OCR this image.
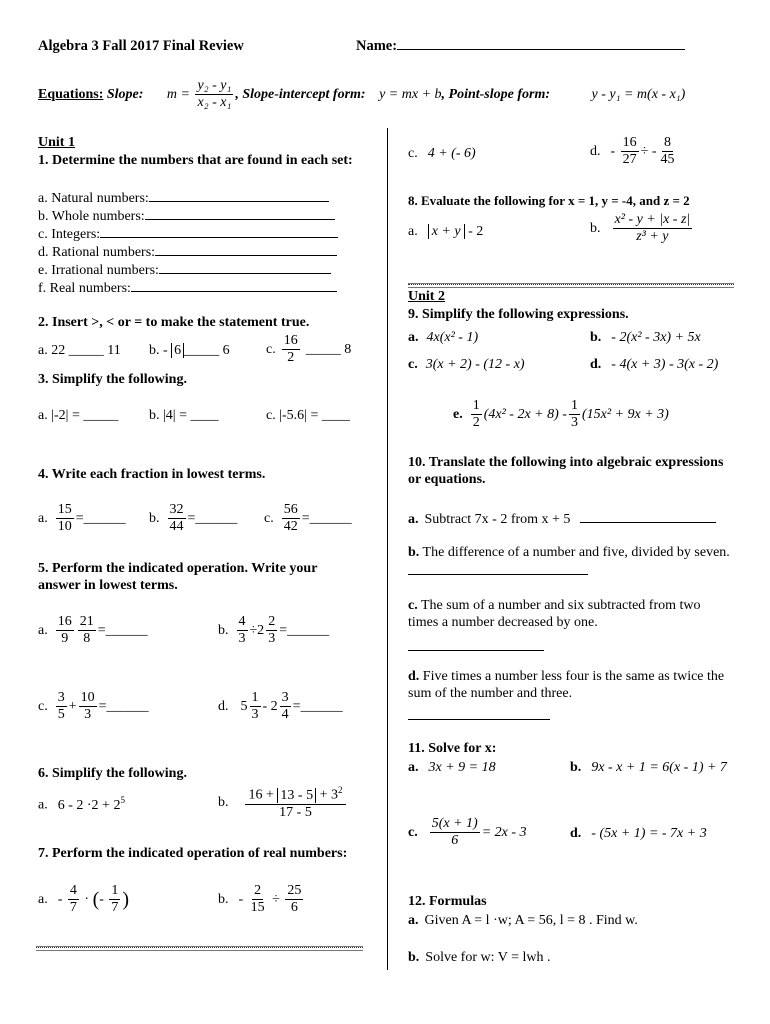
Algebra 3 Fall 2017 Final Review	Name:
Equations: Slope: $m = \frac{\text{y₂ - y₁}}{\text{x₂ - x₁}}$ , Slope-intercept form: y = mx + b, Point-slope form:	y - y₁ = m(x - x₁)
Unit 1
1. Determine the numbers that are found in each set:
a. Natural numbers:
b. Whole numbers:
c. Integers:
d. Rational numbers:
e. Irrational numbers:
f. Real numbers:
2. Insert >, < or = to make the statement true.
a. 22 _____ 11 b. - 6 _____ 6	c. $\frac{16}{2}$ _____ 8
3. Simplify the following.
a. |-2| = _____ b. |4| = ____	c. |-5.6| = ____
4. Write each fraction in lowest terms.
a. $\frac{15}{10}$ =______ b. $\frac{32}{44}$ =______ c. $\frac{56}{42}$ =______
5. Perform the indicated operation. Write your answer in lowest terms.
a. $\frac{16}{9} \frac{21}{8}$ =______	b. $\frac{4}{3} \div 2 \frac{2}{3}$ =______
c. $\frac{3}{5} + \frac{10}{3}$ =______	d. $5 \frac{1}{3} - 2 \frac{3}{4}$ =______
6. Simplify the following.
a. $6 - 2 \cdot 2 + 2^5$	b. $\frac{16 + 13 - 5 + 3^2}{17 - 5}$
7. Perform the indicated operation of real numbers:
a. - $\frac{4}{7}$ · (- $\frac{1}{7}$ )	b. - $\frac{2}{15} \div \frac{25}{6}$
c. 4 + (- 6)	d. - $\frac{16}{27}$ ÷ - $\frac{8}{45}$
8. Evaluate the following for x = 1, y = -4, and z = 2
a. x + y - 2	b. $\frac{\text{x² - y + |x - z|}}{\text{z³ + y}}$
Unit 2
9. Simplify the following expressions.
a. 4x(x² - 1)	b. - 2(x² - 3x) + 5x
c. 3(x + 2) - (12 - x)	d. - 4(x + 3) - 3(x - 2)
e. $\frac{1}{2} (4x^2 - 2x + 8) - \frac{1}{3} (15x^2 + 9x + 3)$
10. Translate the following into algebraic expressions or equations.
a. Subtract 7x - 2 from x + 5
b. The difference of a number and five, divided by seven.
c. The sum of a number and six subtracted from two times a number decreased by one.
d. Five times a number less four is the same as twice the sum of the number and three.
11. Solve for x:
a. 3x + 9 = 18	b. 9x - x + 1 = 6(x - 1) + 7
c. $\frac{5(x + 1)}{6} = 2x - 3$	d. - (5x + 1) = - 7x + 3
12. Formulas
a. Given A = l ·w; A = 56, l = 8 . Find w.
b. Solve for w: V = lwh .
